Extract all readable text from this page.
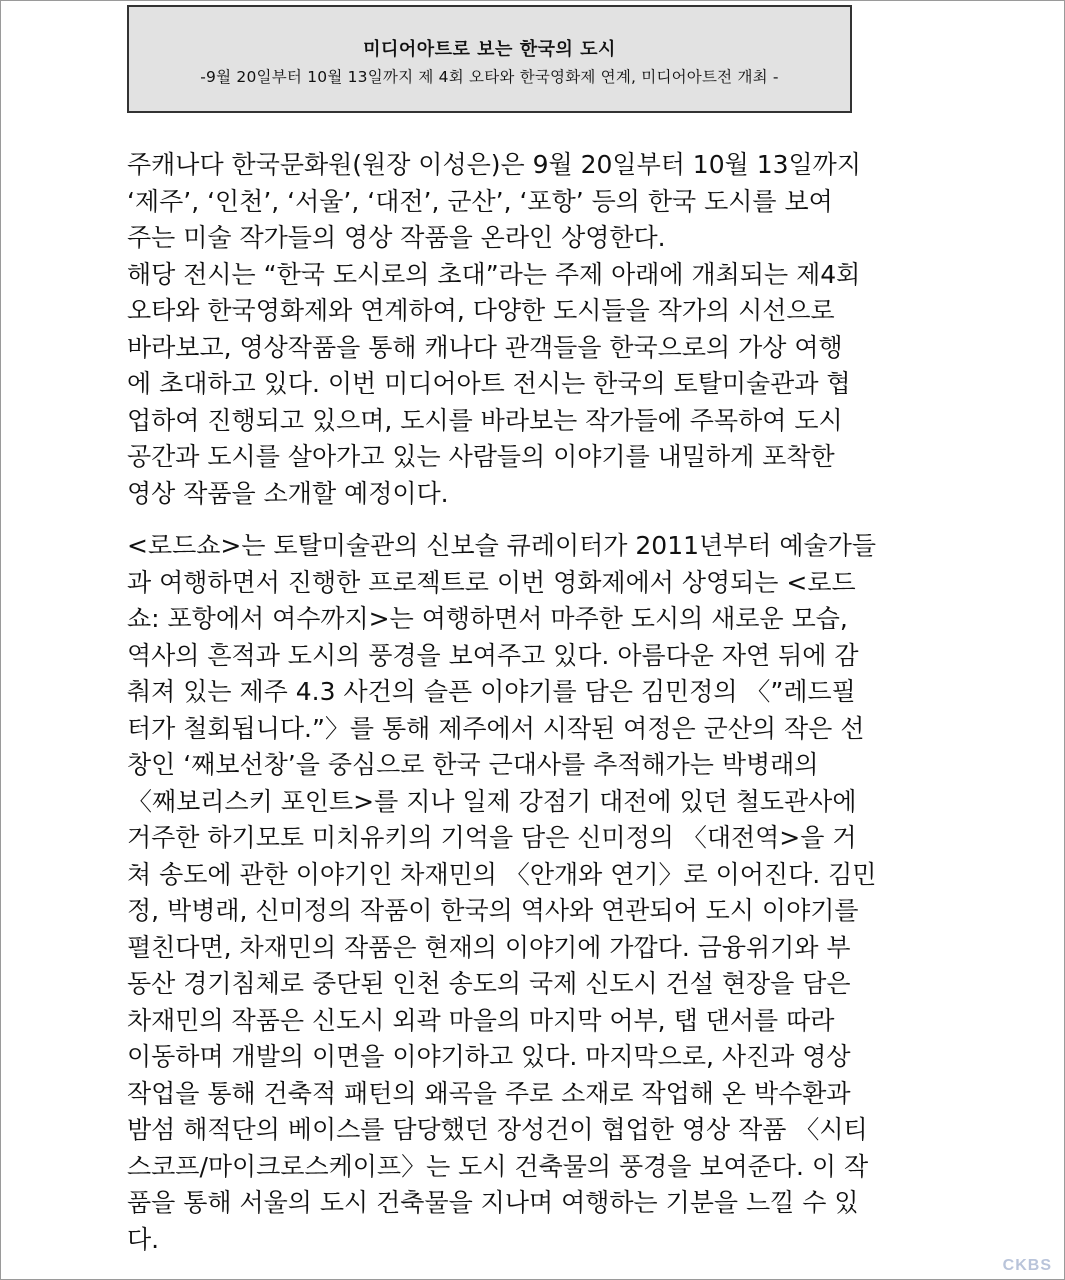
미디어아트로 보는 한국의 도시
-9월 20일부터 10월 13일까지 제 4회 오타와 한국영화제 연계, 미디어아트전 개최 -

주캐나다 한국문화원(원장 이성은)은 9월 20일부터 10월 13일까지

‘제주’, ‘인천’, ‘서울’, ‘대전’, 군산’, ‘포항’ 등의 한국 도시를 보여

주는 미술 작가들의 영상 작품을 온라인 상영한다.

해당 전시는 “한국 도시로의 초대”라는 주제 아래에 개최되는 제4회

오타와 한국영화제와 연계하여, 다양한 도시들을 작가의 시선으로

바라보고, 영상작품을 통해 캐나다 관객들을 한국으로의 가상 여행

에 초대하고 있다. 이번 미디어아트 전시는 한국의 토탈미술관과 협

업하여 진행되고 있으며, 도시를 바라보는 작가들에 주목하여 도시

공간과 도시를 살아가고 있는 사람들의 이야기를 내밀하게 포착한

영상 작품을 소개할 예정이다.

<로드쇼>는 토탈미술관의 신보슬 큐레이터가 2011년부터 예술가들

과 여행하면서 진행한 프로젝트로 이번 영화제에서 상영되는 <로드

쇼: 포항에서 여수까지>는 여행하면서 마주한 도시의 새로운 모습,

역사의 흔적과 도시의 풍경을 보여주고 있다. 아름다운 자연 뒤에 감

춰져 있는 제주 4.3 사건의 슬픈 이야기를 담은 김민정의 〈”레드필

터가 철회됩니다.”〉를 통해 제주에서 시작된 여정은 군산의 작은 선

창인 ‘째보선창’을 중심으로 한국 근대사를 추적해가는 박병래의

〈째보리스키 포인트>를 지나 일제 강점기 대전에 있던 철도관사에

거주한 하기모토 미치유키의 기억을 담은 신미정의 〈대전역>을 거

쳐 송도에 관한 이야기인 차재민의 〈안개와 연기〉로 이어진다. 김민

정, 박병래, 신미정의 작품이 한국의 역사와 연관되어 도시 이야기를

펼친다면, 차재민의 작품은 현재의 이야기에 가깝다. 금융위기와 부

동산 경기침체로 중단된 인천 송도의 국제 신도시 건설 현장을 담은

차재민의 작품은 신도시 외곽 마을의 마지막 어부, 탭 댄서를 따라

이동하며 개발의 이면을 이야기하고 있다. 마지막으로, 사진과 영상

작업을 통해 건축적 패턴의 왜곡을 주로 소재로 작업해 온 박수환과

밤섬 해적단의 베이스를 담당했던 장성건이 협업한 영상 작품 〈시티

스코프/마이크로스케이프〉는 도시 건축물의 풍경을 보여준다. 이 작

품을 통해 서울의 도시 건축물을 지나며 여행하는 기분을 느낄 수 있

다.

CKBS
